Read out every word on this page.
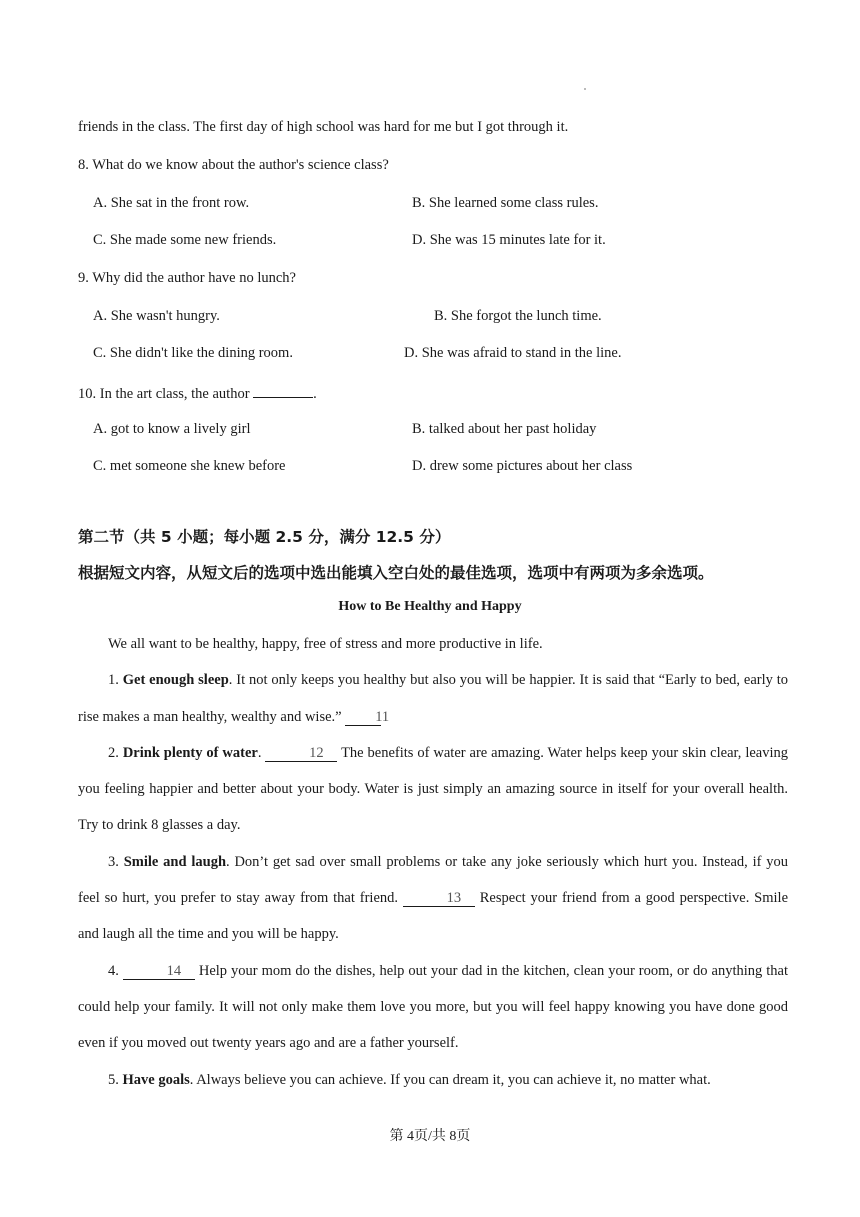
friends in the class. The first day of high school was hard for me but I got through it.
8. What do we know about the author's science class?
A. She sat in the front row.	B. She learned some class rules.
C. She made some new friends.	D. She was 15 minutes late for it.
9. Why did the author have no lunch?
A. She wasn't hungry.	B. She forgot the lunch time.
C. She didn't like the dining room.	D. She was afraid to stand in the line.
10. In the art class, the author	.
A. got to know a lively girl	B. talked about her past holiday
C. met someone she knew before	D. drew some pictures about her class
第二节（共 5 小题；每小题 2.5 分，满分 12.5 分）
根据短文内容，从短文后的选项中选出能填入空白处的最佳选项，选项中有两项为多余选项。
How to Be Healthy and Happy

We all want to be healthy, happy, free of stress and more productive in life.

1. Get enough sleep. It not only keeps you healthy but also you will be happier. It is said that “Early to bed, early to rise makes a man healthy, wealthy and wise.” 11

2. Drink plenty of water.	12 The benefits of water are amazing. Water helps keep your skin clear, leaving you feeling happier and better about your body. Water is just simply an amazing source in itself for your overall health. Try to drink 8 glasses a day.

3. Smile and laugh. Don’t get sad over small problems or take any joke seriously which hurt you. Instead, if you feel so hurt, you prefer to stay away from that friend.	13 Respect your friend from a good perspective. Smile and laugh all the time and you will be happy.

4.	14 Help your mom do the dishes, help out your dad in the kitchen, clean your room, or do anything that could help your family. It will not only make them love you more, but you will feel happy knowing you have done good even if you moved out twenty years ago and are a father yourself.

5. Have goals. Always believe you can achieve. If you can dream it, you can achieve it, no matter what.

第 4页/共 8页
